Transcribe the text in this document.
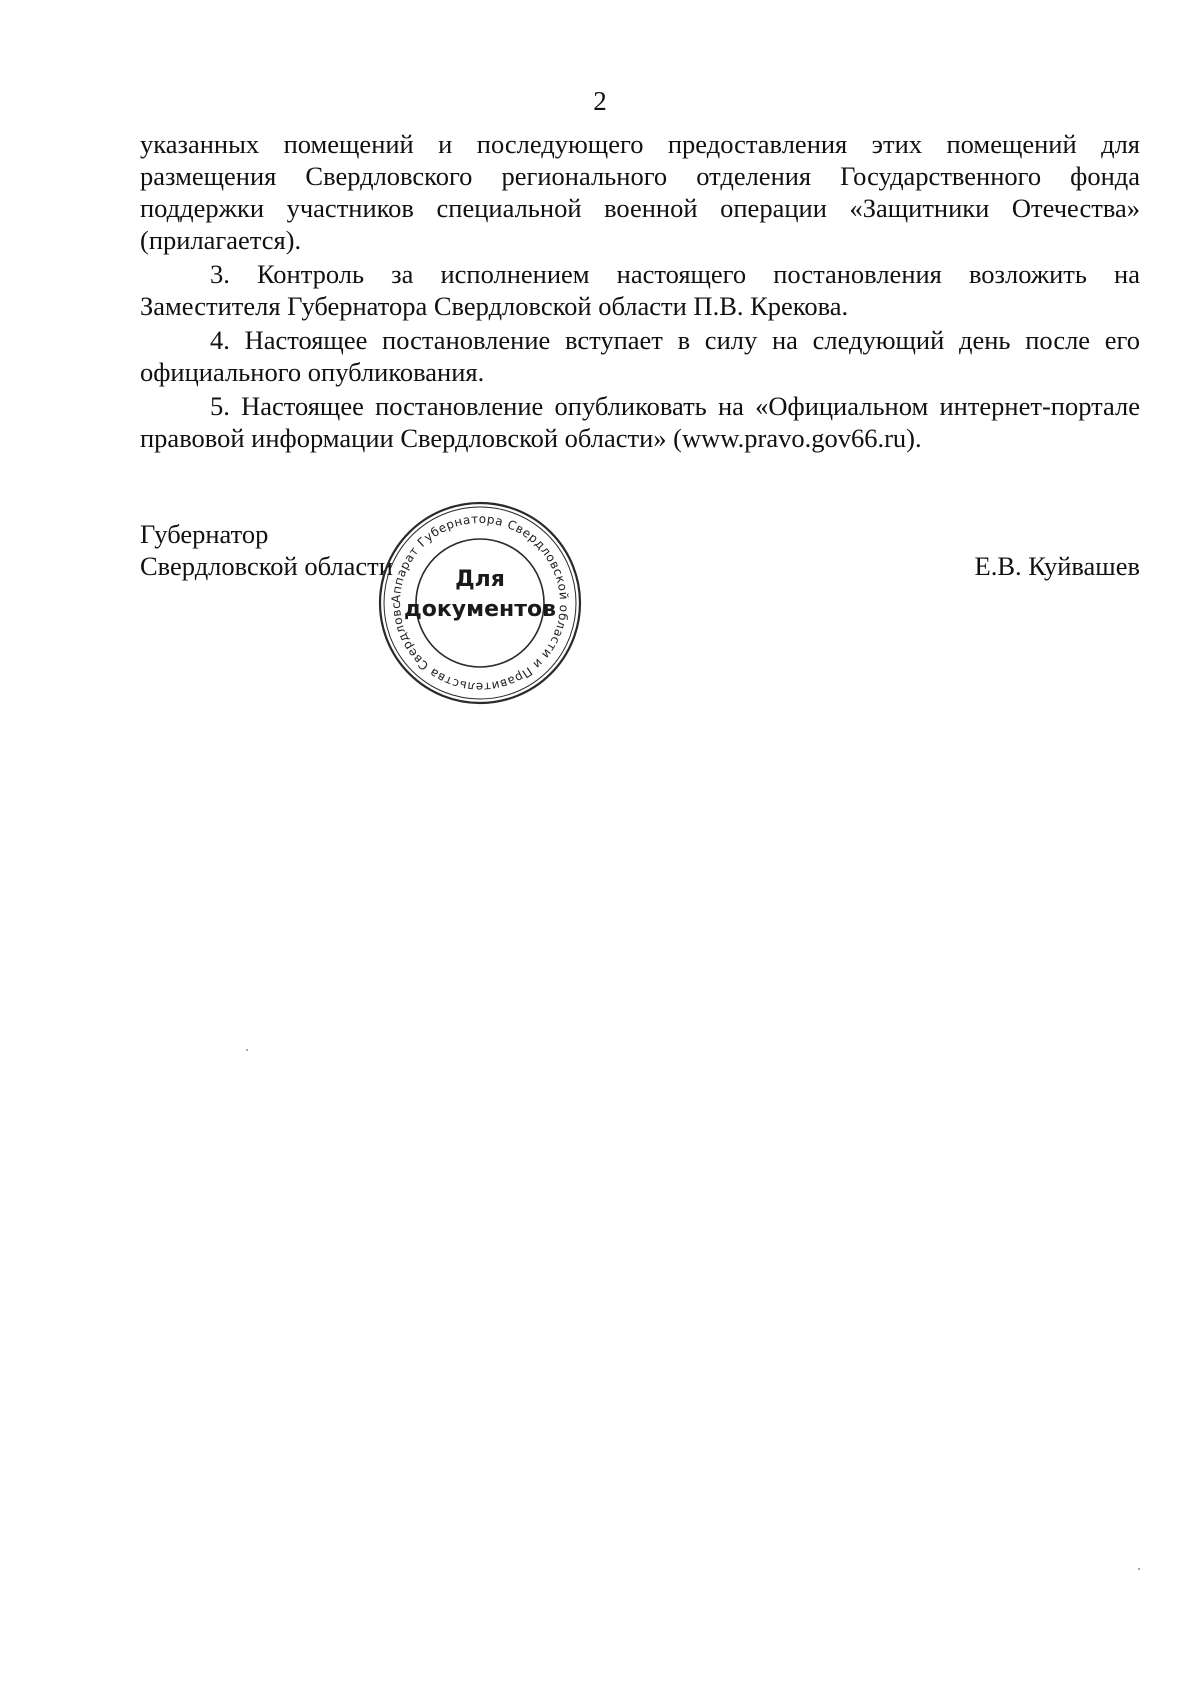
2

указанных помещений и последующего предоставления этих помещений для размещения Свердловского регионального отделения Государственного фонда поддержки участников специальной военной операции «Защитники Отечества» (прилагается).

3. Контроль за исполнением настоящего постановления возложить на Заместителя Губернатора Свердловской области П.В. Крекова.

4. Настоящее постановление вступает в силу на следующий день после его официального опубликования.

5. Настоящее постановление опубликовать на «Официальном интернет-портале правовой информации Свердловской области» (www.pravo.gov66.ru).

Губернатор
Свердловской области	Е.В. Куйвашев
Аппарат Губернатора Свердловской области и Правительства Свердловс
Для
документов
